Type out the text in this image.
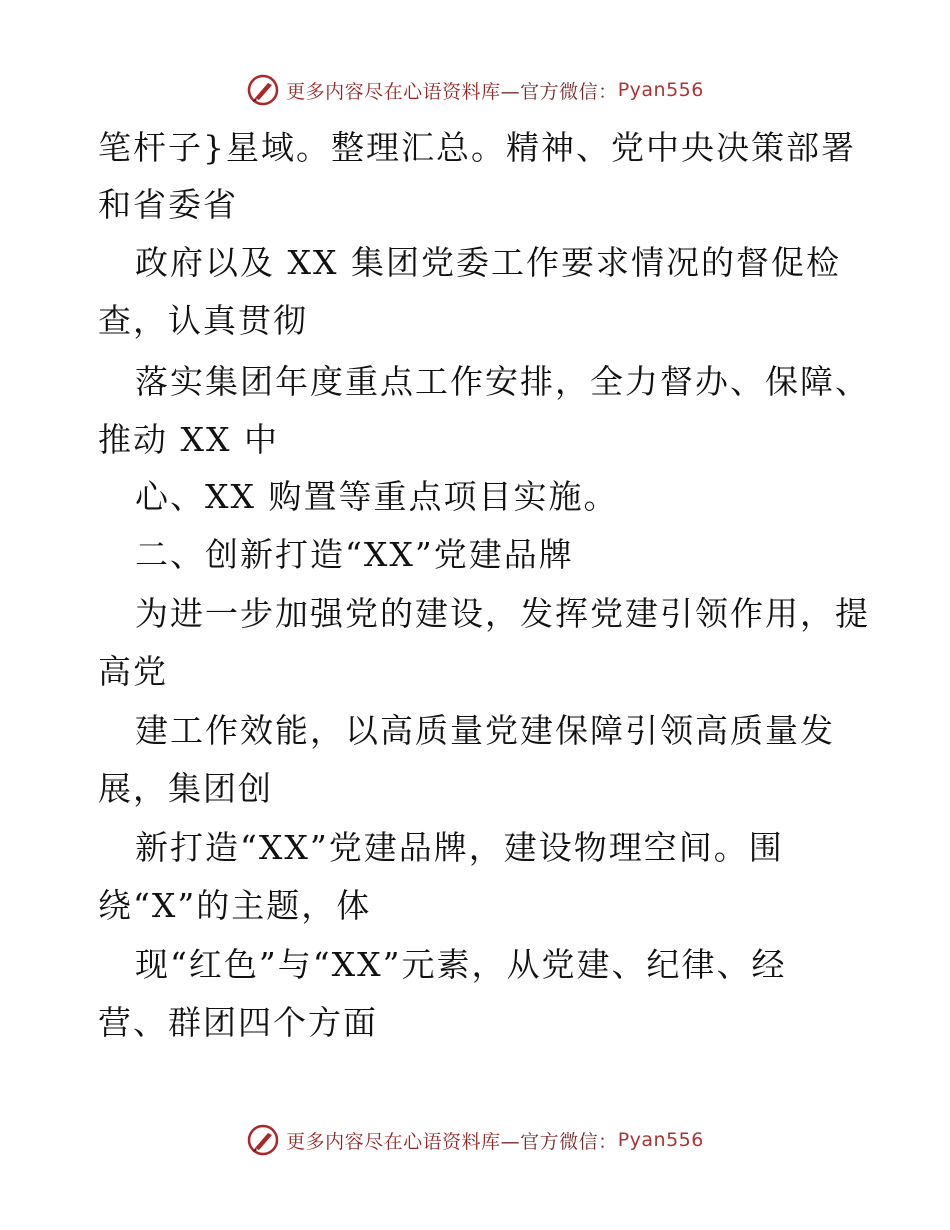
更多内容尽在心语资料库 —官方微信： Pyan556
笔杆子}星域。整理汇总。精神、党中央决策部署
和省委省
政府以及 XX 集团党委工作要求情况的督促检
查，认真贯彻
落实集团年度重点工作安排，全力督办、保障、
推动 XX 中
心、XX 购置等重点项目实施。
二、创新打造“XX”党建品牌
为进一步加强党的建设，发挥党建引领作用，提
高党
建工作效能，以高质量党建保障引领高质量发
展，集团创
新打造“XX”党建品牌，建设物理空间。围
绕“X”的主题，体
现“红色”与“XX”元素，从党建、纪律、经
营、群团四个方面
更多内容尽在心语资料库 —官方微信： Pyan556
